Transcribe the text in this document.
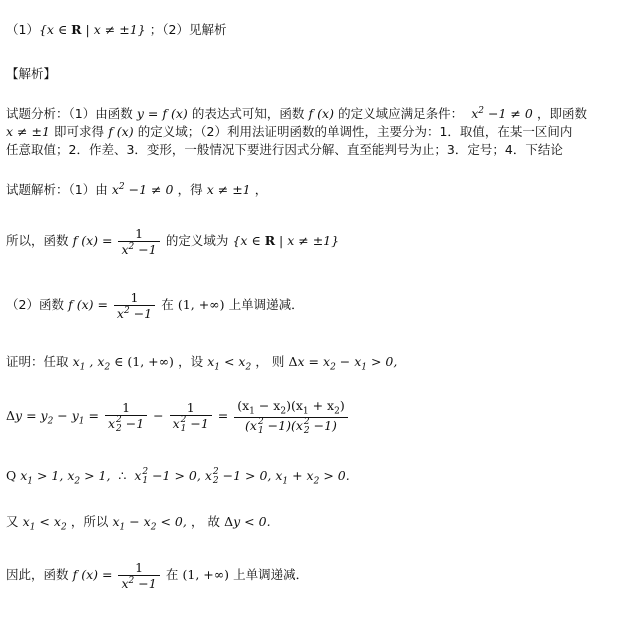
（1）{x ∈ R | x ≠ ±1} ；（2）见解析
【解析】
试题分析：（1）由函数 y = f (x) 的表达式可知，函数 f (x) 的定义域应满足条件：  $x^2 -1 \ne 0$ ，即函数
x ≠ ±1 即可求得 f (x) 的定义域；（2）利用法证明函数的单调性，主要分为：1．取值，在某一区间内
任意取值；2．作差、3．变形，一般情况下要进行因式分解、直至能判号为止；3．定号；4．下结论
试题解析：（1）由 $x^2 -1 \ne 0$ ，得 x ≠ ±1 ，
所以，函数 f $(x) = \frac{1}{x^2 -1}$ 的定义域为 {x ∈ R | x ≠ ±1}
（2）函数 f $(x) = \frac{1}{x^2 -1}$ 在 (1, +∞) 上单调递减．
证明：任取 $x_1$ , $x_2$ ∈ (1, +∞) ，设 $x_1 < x_2$ ， 则 $\Delta x = x_2 - x_1 > 0$,
$\Delta y = y_2 - y_1 = 1$
x 2
2 −1 − 1
x 2
$1 -1 = (x_1 - x_2)(x_1 + x_2)$
(x 2
1 −1)(x 2
2 −1)
Q $x_1 > 1$, $x_2 > 1$,  ∴  x 2
1 −1 > 0, x 2
2 −1 > 0, $x_1 + x_2 > 0$.
又 $x_1 < x_2$ ，所以 $x_1 - x_2 < 0$, ， 故 Δy < 0.
因此，函数 f $(x) = \frac{1}{x^2 -1}$ 在 (1, +∞) 上单调递减．
